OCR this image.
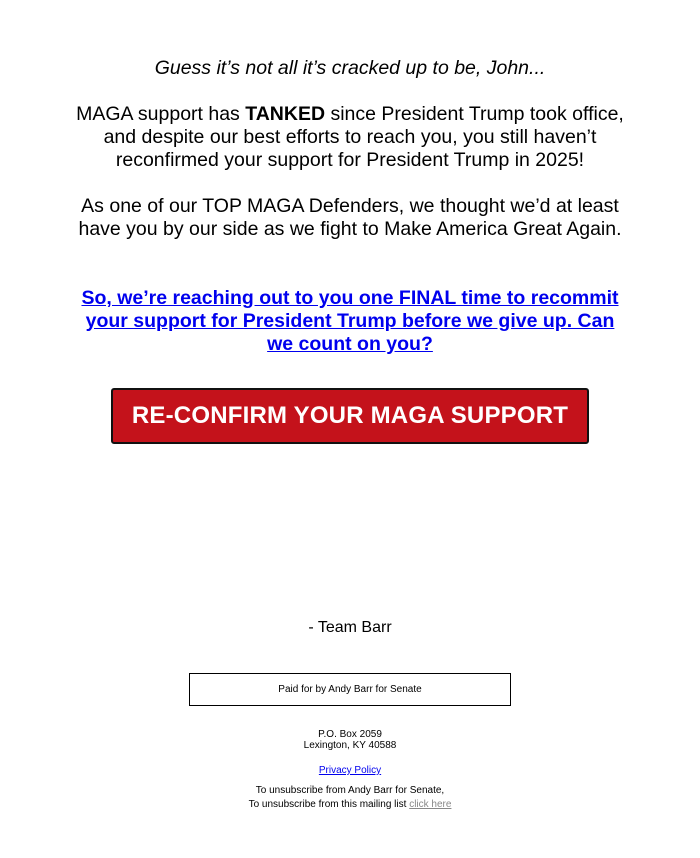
Guess it’s not all it’s cracked up to be, John...
MAGA support has TANKED since President Trump took office, and despite our best efforts to reach you, you still haven’t reconfirmed your support for President Trump in 2025!
As one of our TOP MAGA Defenders, we thought we’d at least have you by our side as we fight to Make America Great Again.
So, we’re reaching out to you one FINAL time to recommit your support for President Trump before we give up. Can we count on you?
RE-CONFIRM YOUR MAGA SUPPORT
- Team Barr
Paid for by Andy Barr for Senate
P.O. Box 2059
Lexington, KY 40588
Privacy Policy
To unsubscribe from Andy Barr for Senate,
To unsubscribe from this mailing list click here
